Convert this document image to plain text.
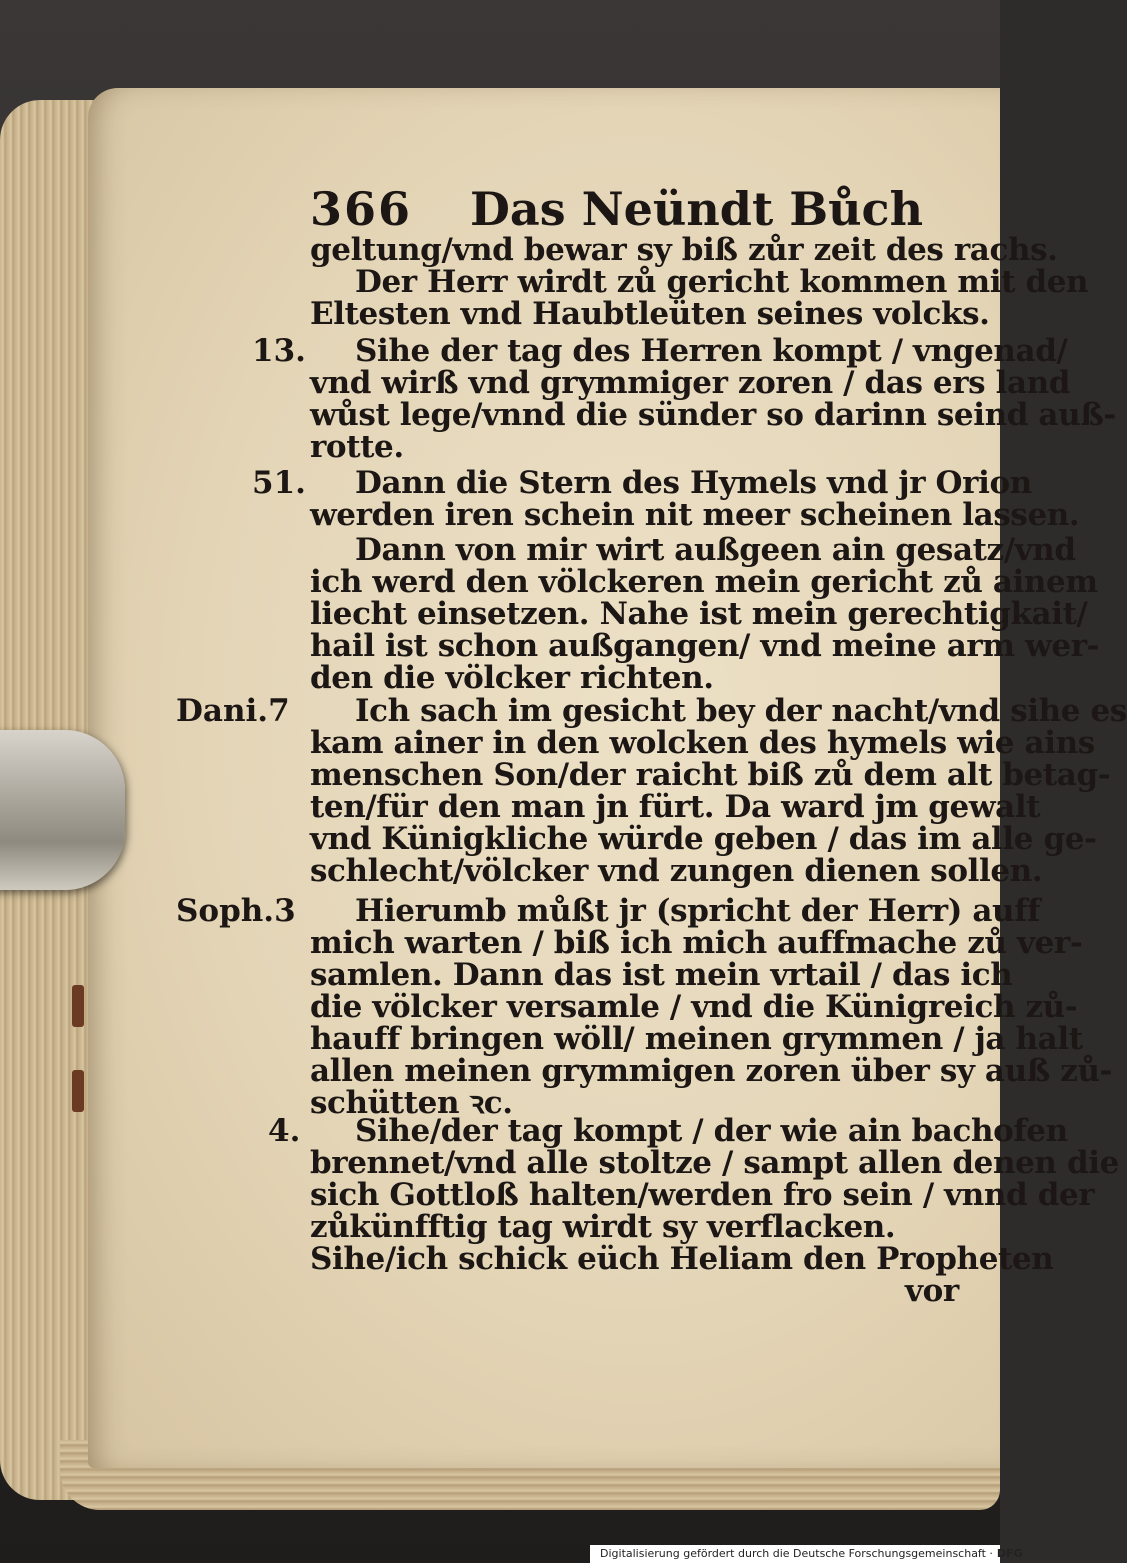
366 Das Neündt Bůch
13.
51.
Dani.7
Soph.3
4.
geltung/vnd bewar sy biß zůr zeit des rachs.
Der Herr wirdt zů gericht kommen mit den
Eltesten vnd Haubtleüten seines volcks.
Sihe der tag des Herren kompt / vngenad/
vnd wirß vnd grymmiger zoren / das ers land
wůst lege/vnnd die sünder so darinn seind auß-
rotte.
Dann die Stern des Hymels vnd jr Orion
werden iren schein nit meer scheinen lassen.
Dann von mir wirt außgeen ain gesatz/vnd
ich werd den völckeren mein gericht zů ainem
liecht einsetzen. Nahe ist mein gerechtigkait/
hail ist schon außgangen/ vnd meine arm wer-
den die völcker richten.
Ich sach im gesicht bey der nacht/vnd sihe es
kam ainer in den wolcken des hymels wie ains
menschen Son/der raicht biß zů dem alt betag-
ten/für den man jn fürt. Da ward jm gewalt
vnd Künigkliche würde geben / das im alle ge-
schlecht/völcker vnd zungen dienen sollen.
Hierumb můßt jr (spricht der Herr) auff
mich warten / biß ich mich auffmache zů ver-
samlen. Dann das ist mein vrtail / das ich
die völcker versamle / vnd die Künigreich zů-
hauff bringen wöll/ meinen grymmen / ja halt
allen meinen grymmigen zoren über sy auß zů-
schütten ꝛc.
Sihe/der tag kompt / der wie ain bachofen
brennet/vnd alle stoltze / sampt allen denen die
sich Gottloß halten/werden fro sein / vnnd der
zůkünfftig tag wirdt sy verflacken.
Sihe/ich schick eüch Heliam den Propheten
vor
Digitalisierung gefördert durch die Deutsche Forschungsgemeinschaft · DFG
